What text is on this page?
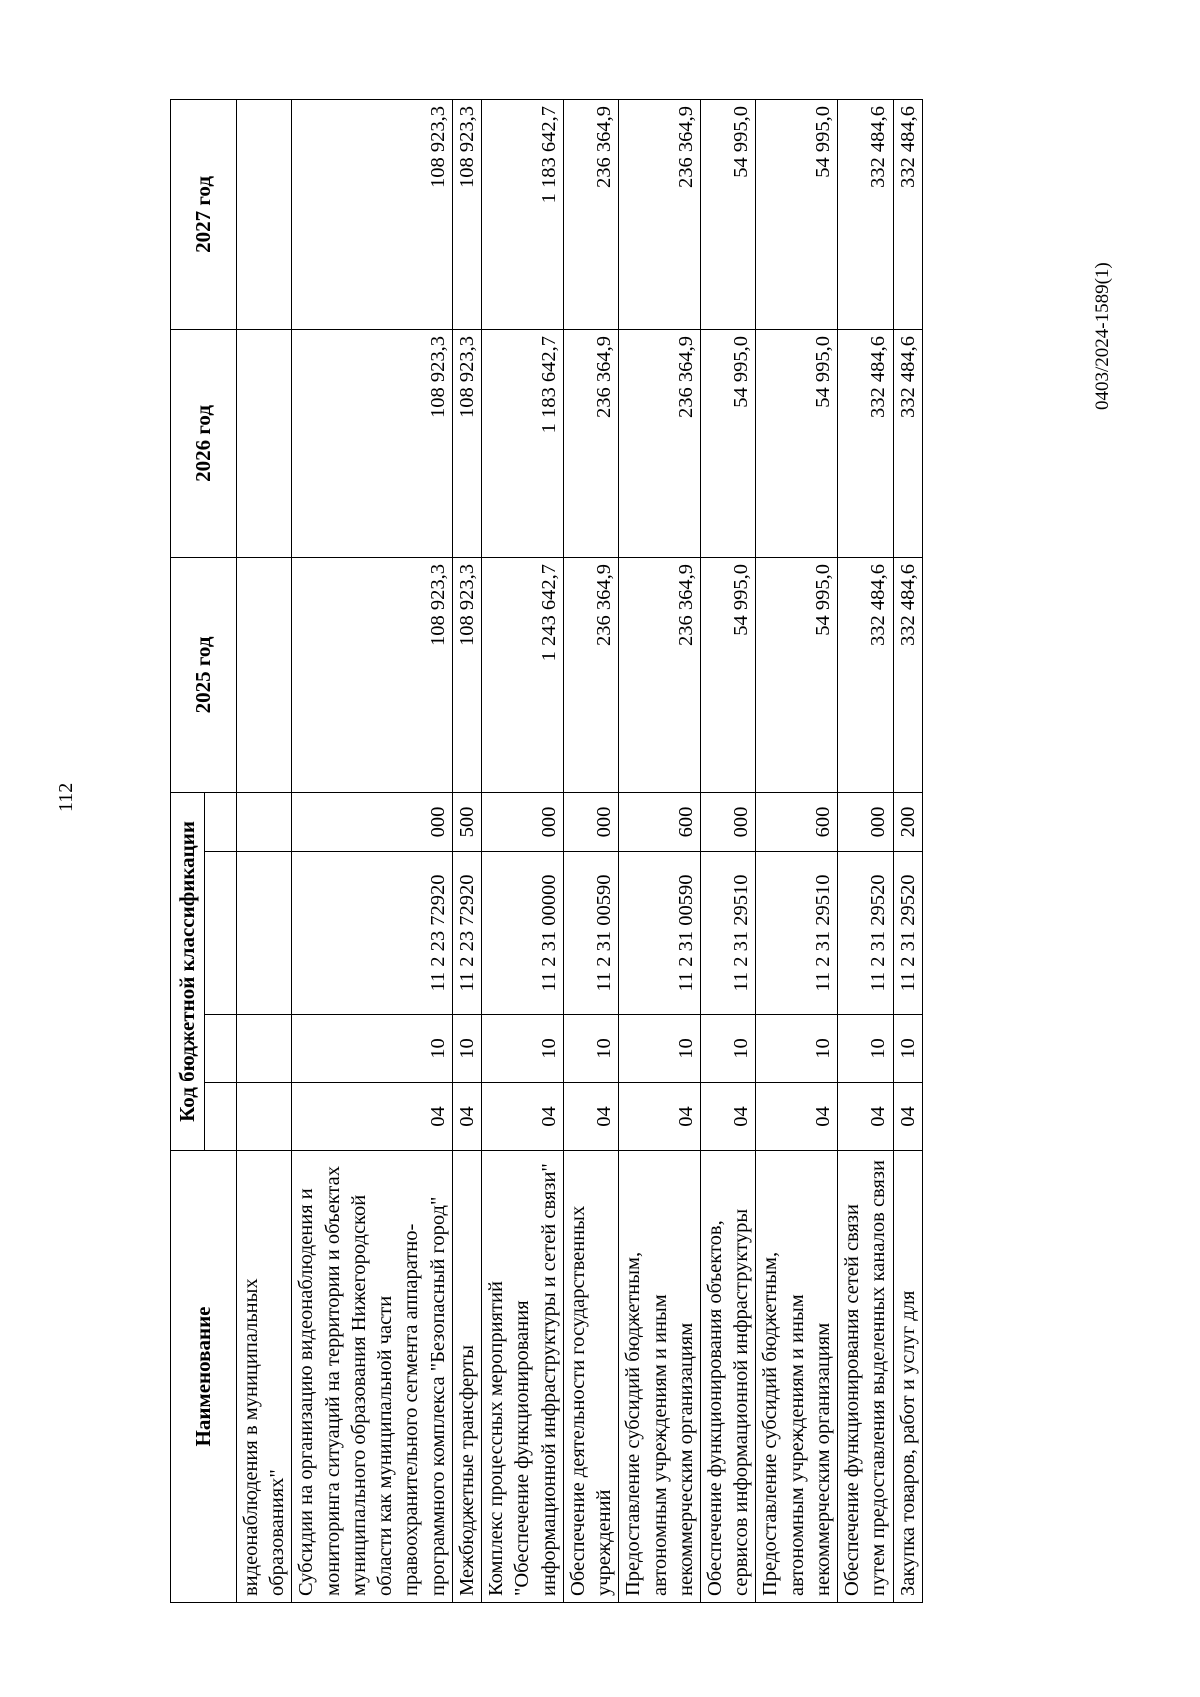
112
0403/2024-1589(1)
Наименование	Код бюджетной классификации				2025 год	2026 год	2027 год

видеонаблюдения в муниципальных образованиях"							
Субсидии на организацию видеонаблюдения и мониторинга ситуаций на территории и объектах муниципального образования Нижегородской области как муниципальной части правоохранительного сегмента аппаратно-программного комплекса "Безопасный город"	04	10	11 2 23 72920	000	108 923,3	108 923,3	108 923,3
Межбюджетные трансферты	04	10	11 2 23 72920	500	108 923,3	108 923,3	108 923,3
Комплекс процессных мероприятий "Обеспечение функционирования информационной инфраструктуры и сетей связи"	04	10	11 2 31 00000	000	1 243 642,7	1 183 642,7	1 183 642,7
Обеспечение деятельности государственных учреждений	04	10	11 2 31 00590	000	236 364,9	236 364,9	236 364,9
Предоставление субсидий бюджетным, автономным учреждениям и иным некоммерческим организациям	04	10	11 2 31 00590	600	236 364,9	236 364,9	236 364,9
Обеспечение функционирования объектов, сервисов информационной инфраструктуры	04	10	11 2 31 29510	000	54 995,0	54 995,0	54 995,0
Предоставление субсидий бюджетным, автономным учреждениям и иным некоммерческим организациям	04	10	11 2 31 29510	600	54 995,0	54 995,0	54 995,0
Обеспечение функционирования сетей связи путем предоставления выделенных каналов связи	04	10	11 2 31 29520	000	332 484,6	332 484,6	332 484,6
Закупка товаров, работ и услуг для	04	10	11 2 31 29520	200	332 484,6	332 484,6	332 484,6
